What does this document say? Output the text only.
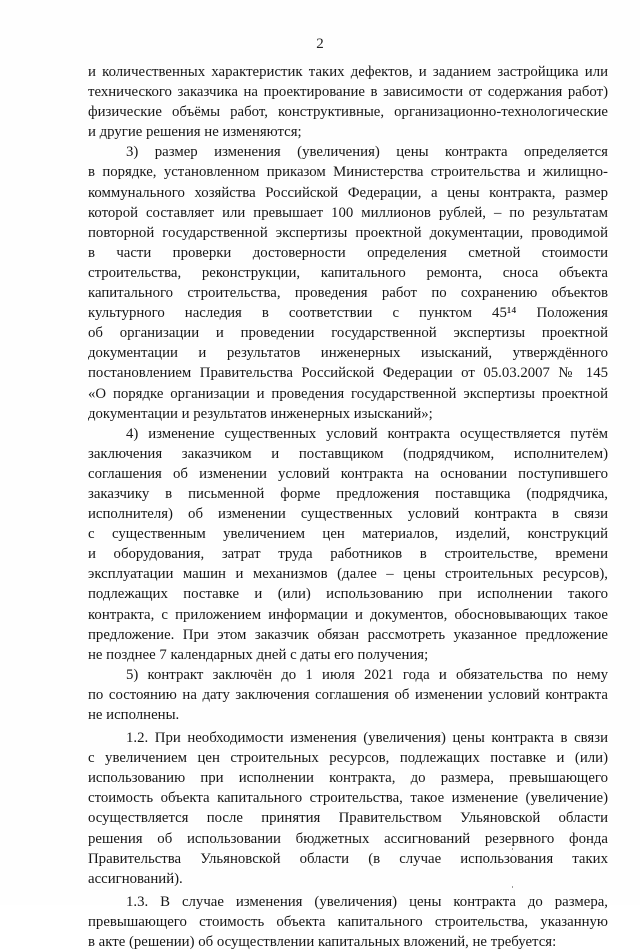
2
и количественных характеристик таких дефектов, и заданием застройщика или
технического заказчика на проектирование в зависимости от содержания работ)
физические объёмы работ, конструктивные, организационно-технологические
и другие решения не изменяются;
3) размер изменения (увеличения) цены контракта определяется
в порядке, установленном приказом Министерства строительства и жилищно-
коммунального хозяйства Российской Федерации, а цены контракта, размер
которой составляет или превышает 100 миллионов рублей, – по результатам
повторной государственной экспертизы проектной документации, проводимой
в части проверки достоверности определения сметной стоимости
строительства, реконструкции, капитального ремонта, сноса объекта
капитального строительства, проведения работ по сохранению объектов
культурного наследия в соответствии с пунктом 45¹⁴ Положения
об организации и проведении государственной экспертизы проектной
документации и результатов инженерных изысканий, утверждённого
постановлением Правительства Российской Федерации от 05.03.2007 № 145
«О порядке организации и проведения государственной экспертизы проектной
документации и результатов инженерных изысканий»;
4) изменение существенных условий контракта осуществляется путём
заключения заказчиком и поставщиком (подрядчиком, исполнителем)
соглашения об изменении условий контракта на основании поступившего
заказчику в письменной форме предложения поставщика (подрядчика,
исполнителя) об изменении существенных условий контракта в связи
с существенным увеличением цен материалов, изделий, конструкций
и оборудования, затрат труда работников в строительстве, времени
эксплуатации машин и механизмов (далее – цены строительных ресурсов),
подлежащих поставке и (или) использованию при исполнении такого
контракта, с приложением информации и документов, обосновывающих такое
предложение. При этом заказчик обязан рассмотреть указанное предложение
не позднее 7 календарных дней с даты его получения;
5) контракт заключён до 1 июля 2021 года и обязательства по нему
по состоянию на дату заключения соглашения об изменении условий контракта
не исполнены.
1.2. При необходимости изменения (увеличения) цены контракта в связи
с увеличением цен строительных ресурсов, подлежащих поставке и (или)
использованию при исполнении контракта, до размера, превышающего
стоимость объекта капитального строительства, такое изменение (увеличение)
осуществляется после принятия Правительством Ульяновской области
решения об использовании бюджетных ассигнований резервного фонда
Правительства Ульяновской области (в случае использования таких
ассигнований).
1.3. В случае изменения (увеличения) цены контракта до размера,
превышающего стоимость объекта капитального строительства, указанную
в акте (решении) об осуществлении капитальных вложений, не требуется:
